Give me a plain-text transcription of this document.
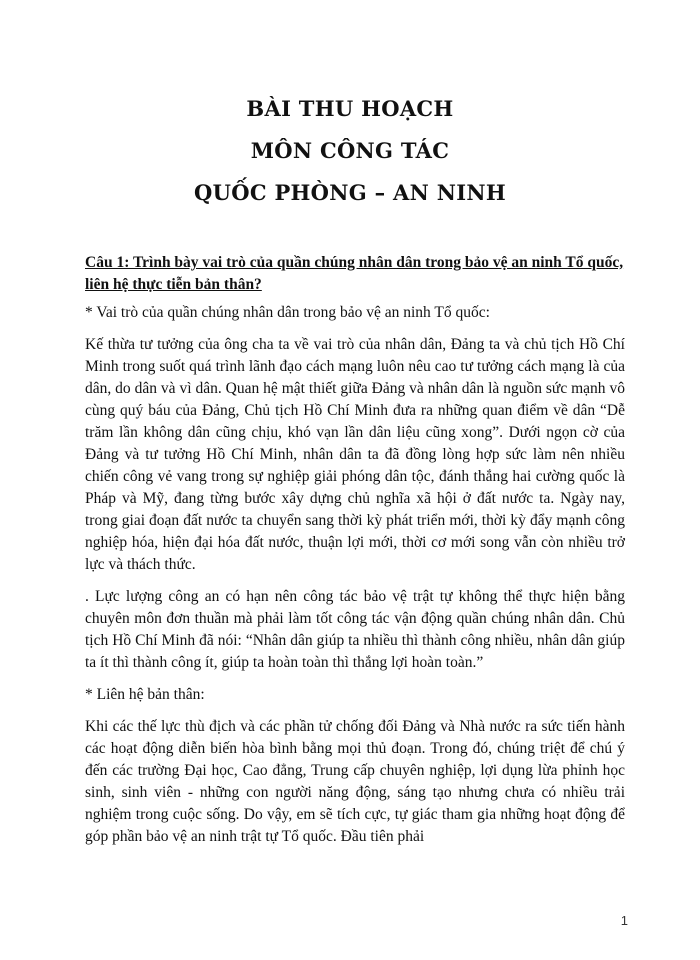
BÀI THU HOẠCH

MÔN CÔNG TÁC

QUỐC PHÒNG – AN NINH

Câu 1: Trình bày vai trò của quần chúng nhân dân trong bảo vệ an ninh Tổ quốc, liên hệ thực tiễn bản thân?

* Vai trò của quần chúng nhân dân trong bảo vệ an ninh Tổ quốc:

Kế thừa tư tưởng của ông cha ta về vai trò của nhân dân, Đảng ta và chủ tịch Hồ Chí Minh trong suốt quá trình lãnh đạo cách mạng luôn nêu cao tư tưởng cách mạng là của dân, do dân và vì dân. Quan hệ mật thiết giữa Đảng và nhân dân là nguồn sức mạnh vô cùng quý báu của Đảng, Chủ tịch Hồ Chí Minh đưa ra những quan điểm về dân “Dễ trăm lần không dân cũng chịu, khó vạn lần dân liệu cũng xong”. Dưới ngọn cờ của Đảng và tư tưởng Hồ Chí Minh, nhân dân ta đã đồng lòng hợp sức làm nên nhiều chiến công vẻ vang trong sự nghiệp giải phóng dân tộc, đánh thắng hai cường quốc là Pháp và Mỹ, đang từng bước xây dựng chủ nghĩa xã hội ở đất nước ta. Ngày nay, trong giai đoạn đất nước ta chuyển sang thời kỳ phát triển mới, thời kỳ đẩy mạnh công nghiệp hóa, hiện đại hóa đất nước, thuận lợi mới, thời cơ mới song vẫn còn nhiều trở lực và thách thức.

. Lực lượng công an có hạn nên công tác bảo vệ trật tự không thể thực hiện bằng chuyên môn đơn thuần mà phải làm tốt công tác vận động quần chúng nhân dân. Chủ tịch Hồ Chí Minh đã nói: “Nhân dân giúp ta nhiều thì thành công nhiều, nhân dân giúp ta ít thì thành công ít, giúp ta hoàn toàn thì thắng lợi hoàn toàn.”

* Liên hệ bản thân:

Khi các thế lực thù địch và các phần tử chống đối Đảng và Nhà nước ra sức tiến hành các hoạt động diễn biến hòa bình bằng mọi thủ đoạn. Trong đó, chúng triệt để chú ý đến các trường Đại học, Cao đẳng, Trung cấp chuyên nghiệp, lợi dụng lừa phỉnh học sinh, sinh viên - những con người năng động, sáng tạo nhưng chưa có nhiều trải nghiệm trong cuộc sống. Do vậy, em sẽ tích cực, tự giác tham gia những hoạt động để góp phần bảo vệ an ninh trật tự Tổ quốc. Đầu tiên phải

1
